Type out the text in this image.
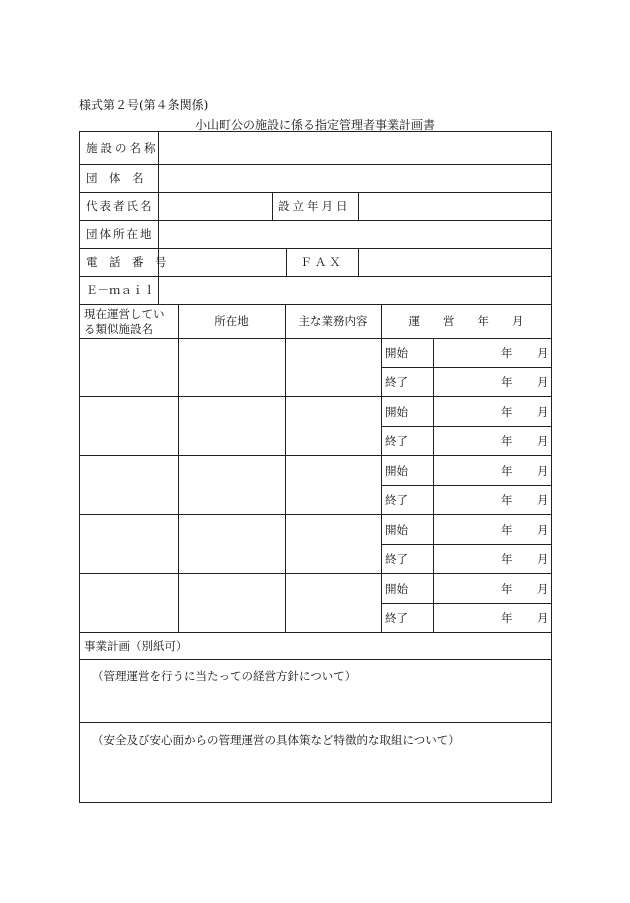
様式第２号(第４条関係)
小山町公の施設に係る指定管理者事業計画書
施設の名称
団　体　名
代表者氏名	設立年月日
団体所在地
電　話　番　号	ＦＡＸ
Ｅ－ｍａｉｌ
現在運営してい
る類似施設名
所在地	主な業務内容	運　　営　　年　　月
開始	年 月
終了	年 月
開始	年 月
終了	年 月
開始	年 月
終了	年 月
開始	年 月
終了	年 月
開始	年 月
終了	年 月
事業計画（別紙可）
（管理運営を行うに当たっての経営方針について）
（安全及び安心面からの管理運営の具体策など特徴的な取組について）
